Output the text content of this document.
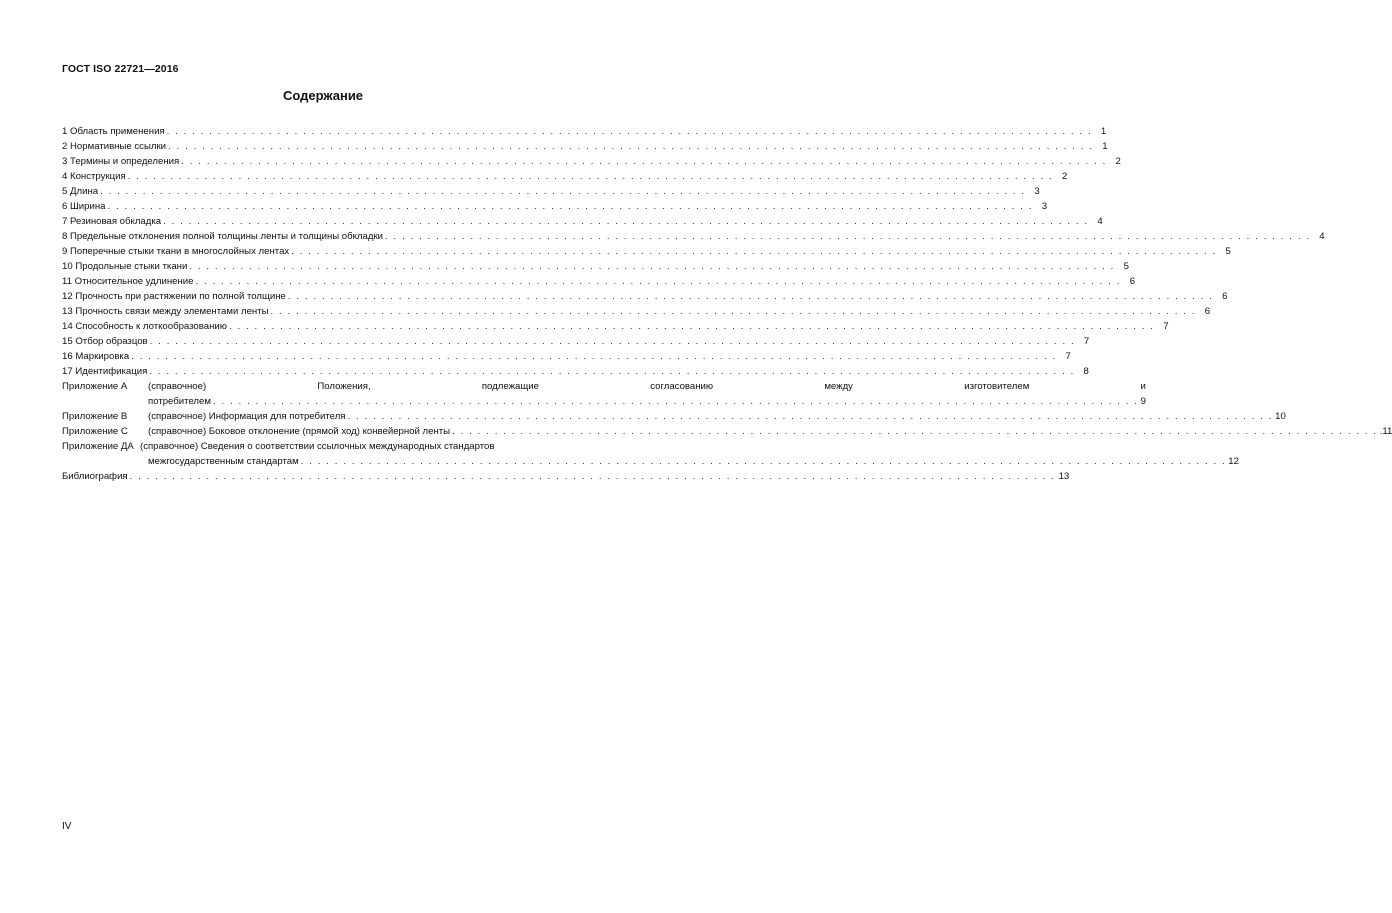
ГОСТ ISO 22721—2016
Содержание
1 Область применения . . . . . . . . . . . . . . . . . . . . . . . . . . . . . . . . . . . . . . . . . . . . . . . . . . . . . . . . . . . . . . . . . . . . . . . . . . . . . . . . . . . . . . . . . . . . . . . . . . . . . . . . . . . . . 1
2 Нормативные ссылки . . . . . . . . . . . . . . . . . . . . . . . . . . . . . . . . . . . . . . . . . . . . . . . . . . . . . . . . . . . . . . . . . . . . . . . . . . . . . . . . . . . . . . . . . . . . . . . . . . . . . . . . . . . . . 1
3 Термины и определения . . . . . . . . . . . . . . . . . . . . . . . . . . . . . . . . . . . . . . . . . . . . . . . . . . . . . . . . . . . . . . . . . . . . . . . . . . . . . . . . . . . . . . . . . . . . . . . . . . . . . . . . . . . . . 2
4 Конструкция . . . . . . . . . . . . . . . . . . . . . . . . . . . . . . . . . . . . . . . . . . . . . . . . . . . . . . . . . . . . . . . . . . . . . . . . . . . . . . . . . . . . . . . . . . . . . . . . . . . . . . . . . . . . . 2
5 Длина . . . . . . . . . . . . . . . . . . . . . . . . . . . . . . . . . . . . . . . . . . . . . . . . . . . . . . . . . . . . . . . . . . . . . . . . . . . . . . . . . . . . . . . . . . . . . . . . . . . . . . . . . . . . . 3
6 Ширина . . . . . . . . . . . . . . . . . . . . . . . . . . . . . . . . . . . . . . . . . . . . . . . . . . . . . . . . . . . . . . . . . . . . . . . . . . . . . . . . . . . . . . . . . . . . . . . . . . . . . . . . . . . . . 3
7 Резиновая обкладка . . . . . . . . . . . . . . . . . . . . . . . . . . . . . . . . . . . . . . . . . . . . . . . . . . . . . . . . . . . . . . . . . . . . . . . . . . . . . . . . . . . . . . . . . . . . . . . . . . . . . . . . . . . . . 4
8 Предельные отклонения полной толщины ленты и толщины обкладки . . . . . . . . . . . . . . . . . . . . . . . . . . . . . . . . . . . . . . . . . . . . . . . . . . . . . . . . . . . . . . . . . . . . . . . . . . . . . . . . . . . . . . . . . . . . . . . . . . . . . . . . . . . . . 4
9 Поперечные стыки ткани в многослойных лентах . . . . . . . . . . . . . . . . . . . . . . . . . . . . . . . . . . . . . . . . . . . . . . . . . . . . . . . . . . . . . . . . . . . . . . . . . . . . . . . . . . . . . . . . . . . . . . . . . . . . . . . . . . . . . 5
10 Продольные стыки ткани . . . . . . . . . . . . . . . . . . . . . . . . . . . . . . . . . . . . . . . . . . . . . . . . . . . . . . . . . . . . . . . . . . . . . . . . . . . . . . . . . . . . . . . . . . . . . . . . . . . . . . . . . . . . . 5
11 Относительное удлинение . . . . . . . . . . . . . . . . . . . . . . . . . . . . . . . . . . . . . . . . . . . . . . . . . . . . . . . . . . . . . . . . . . . . . . . . . . . . . . . . . . . . . . . . . . . . . . . . . . . . . . . . . . . . . 6
12 Прочность при растяжении по полной толщине . . . . . . . . . . . . . . . . . . . . . . . . . . . . . . . . . . . . . . . . . . . . . . . . . . . . . . . . . . . . . . . . . . . . . . . . . . . . . . . . . . . . . . . . . . . . . . . . . . . . . . . . . . . . . 6
13 Прочность связи между элементами ленты . . . . . . . . . . . . . . . . . . . . . . . . . . . . . . . . . . . . . . . . . . . . . . . . . . . . . . . . . . . . . . . . . . . . . . . . . . . . . . . . . . . . . . . . . . . . . . . . . . . . . . . . . . . . . 6
14 Способность к лоткообразованию . . . . . . . . . . . . . . . . . . . . . . . . . . . . . . . . . . . . . . . . . . . . . . . . . . . . . . . . . . . . . . . . . . . . . . . . . . . . . . . . . . . . . . . . . . . . . . . . . . . . . . . . . . . . . 7
15 Отбор образцов . . . . . . . . . . . . . . . . . . . . . . . . . . . . . . . . . . . . . . . . . . . . . . . . . . . . . . . . . . . . . . . . . . . . . . . . . . . . . . . . . . . . . . . . . . . . . . . . . . . . . . . . . . . . . 7
16 Маркировка . . . . . . . . . . . . . . . . . . . . . . . . . . . . . . . . . . . . . . . . . . . . . . . . . . . . . . . . . . . . . . . . . . . . . . . . . . . . . . . . . . . . . . . . . . . . . . . . . . . . . . . . . . . . . 7
17 Идентификация . . . . . . . . . . . . . . . . . . . . . . . . . . . . . . . . . . . . . . . . . . . . . . . . . . . . . . . . . . . . . . . . . . . . . . . . . . . . . . . . . . . . . . . . . . . . . . . . . . . . . . . . . . . . . 8
Приложение А	(справочное) Положения, подлежащие согласованию между изготовителем и
потребителем . . . . . . . . . . . . . . . . . . . . . . . . . . . . . . . . . . . . . . . . . . . . . . . . . . . . . . . . . . . . . . . . . . . . . . . . . . . . . . . . . . . . . . . . . . . . . . . . . . . . . . . . . . . . . 9
Приложение В	(справочное) Информация для потребителя . . . . . . . . . . . . . . . . . . . . . . . . . . . . . . . . . . . . . . . . . . . . . . . . . . . . . . . . . . . . . . . . . . . . . . . . . . . . . . . . . . . . . . . . . . . . . . . . . . . . . . . . . . . . . 10
Приложение С	(справочное) Боковое отклонение (прямой ход) конвейерной ленты . . . . . . . . . . . . . . . . . . . . . . . . . . . . . . . . . . . . . . . . . . . . . . . . . . . . . . . . . . . . . . . . . . . . . . . . . . . . . . . . . . . . . . . . . . . . . . . . . . . . . . . . . . . . . .11
Приложение ДА (справочное) Сведения о соответствии ссылочных международных стандартов
межгосударственным стандартам . . . . . . . . . . . . . . . . . . . . . . . . . . . . . . . . . . . . . . . . . . . . . . . . . . . . . . . . . . . . . . . . . . . . . . . . . . . . . . . . . . . . . . . . . . . . . . . . . . . . . . . . . . . . . 12
Библиография . . . . . . . . . . . . . . . . . . . . . . . . . . . . . . . . . . . . . . . . . . . . . . . . . . . . . . . . . . . . . . . . . . . . . . . . . . . . . . . . . . . . . . . . . . . . . . . . . . . . . . . . . . . . . 13
IV
